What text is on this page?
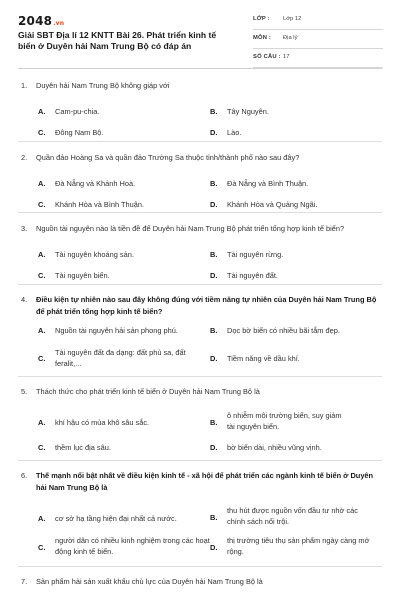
2048.vn
Giải SBT Địa lí 12 KNTT Bài 26. Phát triển kinh tế biển ở Duyên hải Nam Trung Bộ có đáp án
LỚP : Lớp 12
MÔN : Địa lý
SỐ CÂU : 17
1. Duyên hải Nam Trung Bộ không giáp với
A. Cam-pu-chia.	B. Tây Nguyên.
C. Đông Nam Bộ.	D. Lào.
2. Quần đảo Hoàng Sa và quần đảo Trường Sa thuộc tỉnh/thành phố nào sau đây?
A. Đà Nẵng và Khánh Hoà.	B. Đà Nẵng và Bình Thuận.
C. Khánh Hòa và Bình Thuận.	D. Khánh Hòa và Quảng Ngãi.
3. Nguồn tài nguyên nào là tiền đề để Duyên hải Nam Trung Bộ phát triển tổng hợp kinh tế biển?
A. Tài nguyên khoáng sản.	B. Tài nguyên rừng.
C. Tài nguyên biển.	D. Tài nguyên đất.
4. Điều kiện tự nhiên nào sau đây không đúng với tiềm năng tự nhiên của Duyên hải Nam Trung Bộ để phát triển tổng hợp kinh tế biển?
A. Nguồn tài nguyên hải sản phong phú.	B. Dọc bờ biển có nhiều bãi tắm đẹp.
C.
Tài nguyên đất đa dạng: đất phù sa, đất feralit,...
D. Tiềm năng về dầu khí.
5. Thách thức cho phát triển kinh tế biển ở Duyên hải Nam Trung Bộ là
A. khí hậu có mùa khô sâu sắc.	B.
ô nhiễm môi trường biển, suy giảm tài nguyên biển.
C. thềm lục địa sâu.	D. bờ biển dài, nhiều vũng vịnh.
6. Thế mạnh nổi bật nhất về điều kiện kinh tế - xã hội để phát triển các ngành kinh tế biển ở Duyên hải Nam Trung Bộ là
A. cơ sở hạ tầng hiện đại nhất cả nước.	B.
thu hút được nguồn vốn đầu tư nhờ các chính sách nổi trội.
C.
người dân có nhiều kinh nghiệm trong các hoạt động kinh tế biển.	D.
thị trường tiêu thụ sản phẩm ngày càng mở rộng.
7. Sản phẩm hải sản xuất khẩu chủ lực của Duyên hải Nam Trung Bộ là
